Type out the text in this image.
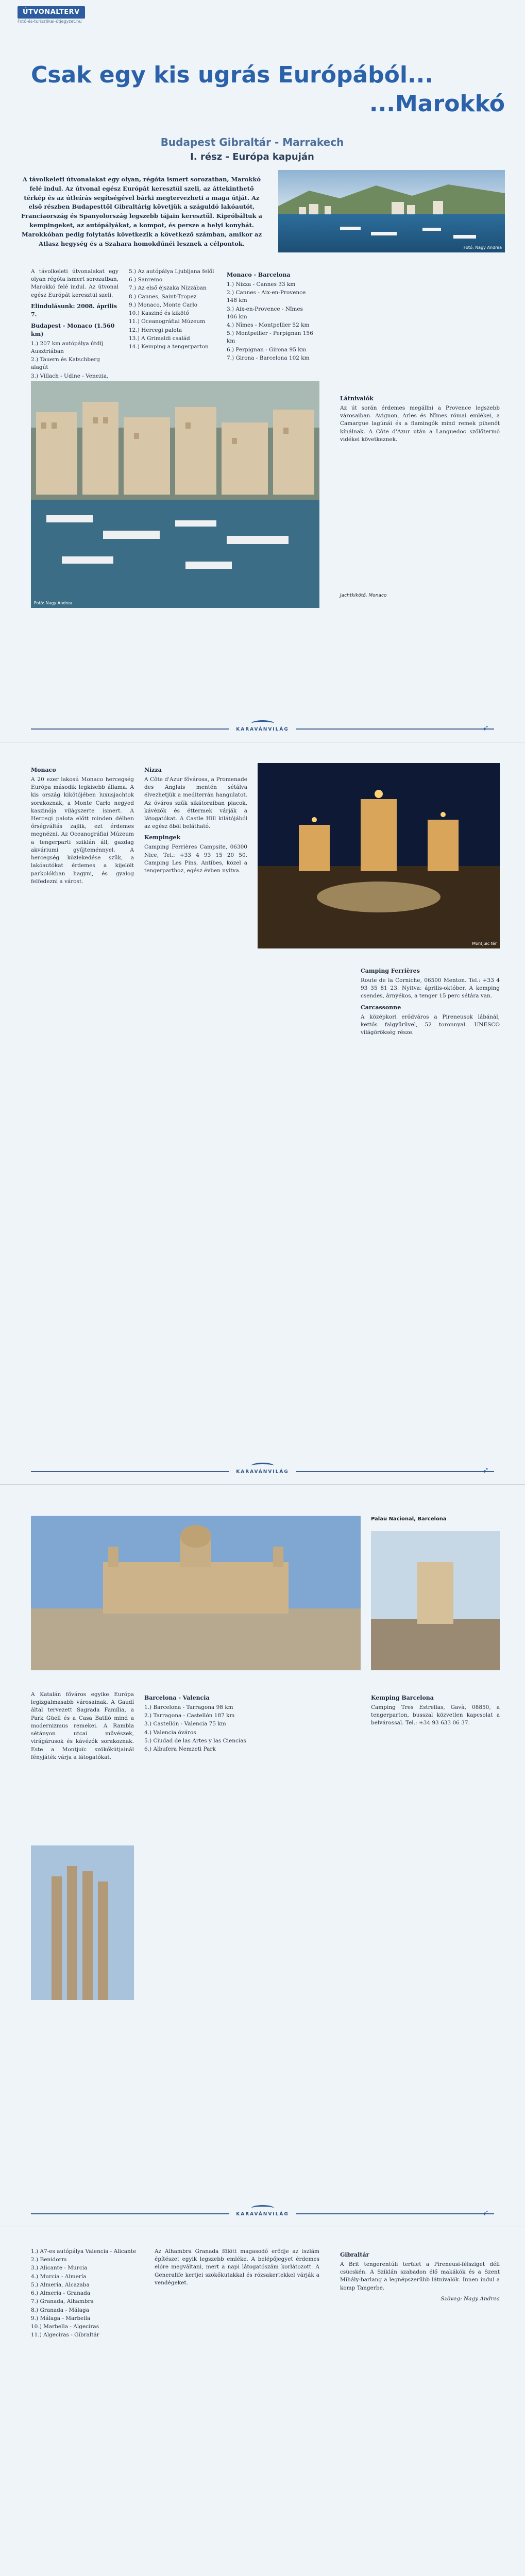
ÚTVONALTERV
Fotó-és-turisztikai-útjegyzet.hu
Csak egy kis ugrás Európából...
...Marokkó
Budapest Gibraltár - Marrakech
I. rész - Európa kapuján
A távolkeleti útvonalakat egy olyan, régóta ismert sorozatban, Marokkó felé indul. Az útvonal egész Európát keresztül szeli, az áttekinthető térkép és az útleírás segítségével bárki megtervezheti a maga útját. Az első részben Budapesttől Gibraltárig követjük a száguldó lakóautót, Franciaország és Spanyolország legszebb tájain keresztül. Kipróbáltuk a kempingeket, az autópályákat, a kompot, és persze a helyi konyhát. Marokkóban pedig folytatás következik a következő számban, amikor az Atlasz hegység és a Szahara homokdűnéi lesznek a célpontok.
Fotó: Nagy Andrea

A távolkeleti útvonalakat egy olyan régóta ismert sorozatban, Marokkó felé indul. Az útvonal egész Európát keresztül szeli.

Elindulásunk: 2008. április 7.
Budapest - Monaco (1.560 km)
1.) 207 km autópálya útdíj Ausztriában
2.) Tauern és Katschberg alagút
3.) Villach - Udine - Venezia,
5.) Az autópálya Ljubljana felől
6.) Sanremo
7.) Az első éjszaka Nizzában
8.) Cannes, Saint-Tropez
9.) Monaco, Monte Carlo
10.) Kaszinó és kikötő
11.) Oceanográfiai Múzeum
12.) Hercegi palota
13.) A Grimaldi család
14.) Kemping a tengerparton
Monaco - Barcelona
1.) Nizza - Cannes 33 km
2.) Cannes - Aix-en-Provence 148 km
3.) Aix-en-Provence - Nîmes 106 km
4.) Nîmes - Montpellier 52 km
5.) Montpellier - Perpignan 156 km
6.) Perpignan - Girona 95 km
7.) Girona - Barcelona 102 km
Fotó: Nagy Andrea
Látnivalók

Az út során érdemes megállni a Provence legszebb városaiban. Avignon, Arles és Nîmes római emlékei, a Camargue lagúnái és a flamingók mind remek pihenőt kínálnak. A Côte d'Azur után a Languedoc szőlőtermő vidékei következnek.

Jachtkikötő, Monaco
KARAVÁNVILÁG	➶
Monaco

A 20 ezer lakosú Monaco hercegség Európa második legkisebb állama. A kis ország kikötőjében luxusjachtok sorakoznak, a Monte Carlo negyed kaszinója világszerte ismert. A Hercegi palota előtt minden délben őrségváltás zajlik, ezt érdemes megnézni. Az Oceanográfiai Múzeum a tengerparti sziklán áll, gazdag akváriumi gyűjteménnyel. A hercegség közlekedése szűk, a lakóautókat érdemes a kijelölt parkolókban hagyni, és gyalog felfedezni a várost.

Nizza

A Côte d'Azur fővárosa, a Promenade des Anglais mentén sétálva élvezhetjük a mediterrán hangulatot. Az óváros szűk sikátoraiban piacok, kávézók és éttermek várják a látogatókat. A Castle Hill kilátójából az egész öböl belátható.

Kempingek

Camping Ferrières Campsite, 06300 Nice, Tel.: +33 4 93 15 20 50. Camping Les Pins, Antibes, közel a tengerparthoz, egész évben nyitva.

Montjuïc tér
Camping Ferrières

Route de la Corniche, 06500 Menton. Tel.: +33 4 93 35 81 23. Nyitva: április-október. A kemping csendes, árnyékos, a tenger 15 perc sétára van.

Carcassonne

A középkori erődváros a Pireneusok lábánál, kettős falgyűrűvel, 52 toronnyal. UNESCO világörökség része.

KARAVÁNVILÁG	➶
Palau Nacional, Barcelona

A Katalán főváros egyike Európa legizgalmasabb városainak. A Gaudí által tervezett Sagrada Família, a Park Güell és a Casa Batlló mind a modernizmus remekei. A Rambla sétányon utcai művészek, virágárusok és kávézók sorakoznak. Este a Montjuïc szökőkútjainál fényjáték várja a látogatókat.

Barcelona - Valencia
1.) Barcelona - Tarragona 98 km
2.) Tarragona - Castellón 187 km
3.) Castellón - Valencia 75 km
4.) Valencia óváros
5.) Ciudad de las Artes y las Ciencias
6.) Albufera Nemzeti Park
Kemping Barcelona

Camping Tres Estrellas, Gavà, 08850, a tengerparton, busszal közvetlen kapcsolat a belvárossal. Tel.: +34 93 633 06 37.

KARAVÁNVILÁG	➶
1.) A7-es autópálya Valencia - Alicante
2.) Benidorm
3.) Alicante - Murcia
4.) Murcia - Almería
5.) Almería, Alcazaba
6.) Almería - Granada
7.) Granada, Alhambra
8.) Granada - Málaga
9.) Málaga - Marbella
10.) Marbella - Algeciras
11.) Algeciras - Gibraltár

Az Alhambra Granada fölött magasodó erődje az iszlám építészet egyik legszebb emléke. A belépőjegyet érdemes előre megváltani, mert a napi látogatószám korlátozott. A Generalife kertjei szökőkutakkal és rózsakertekkel várják a vendégeket.

Gibraltár

A Brit tengerentúli terület a Pireneusi-félsziget déli csücskén. A Sziklán szabadon élő makákók és a Szent Mihály-barlang a legnépszerűbb látnivalók. Innen indul a komp Tangerbe.

Szöveg: Nagy Andrea
